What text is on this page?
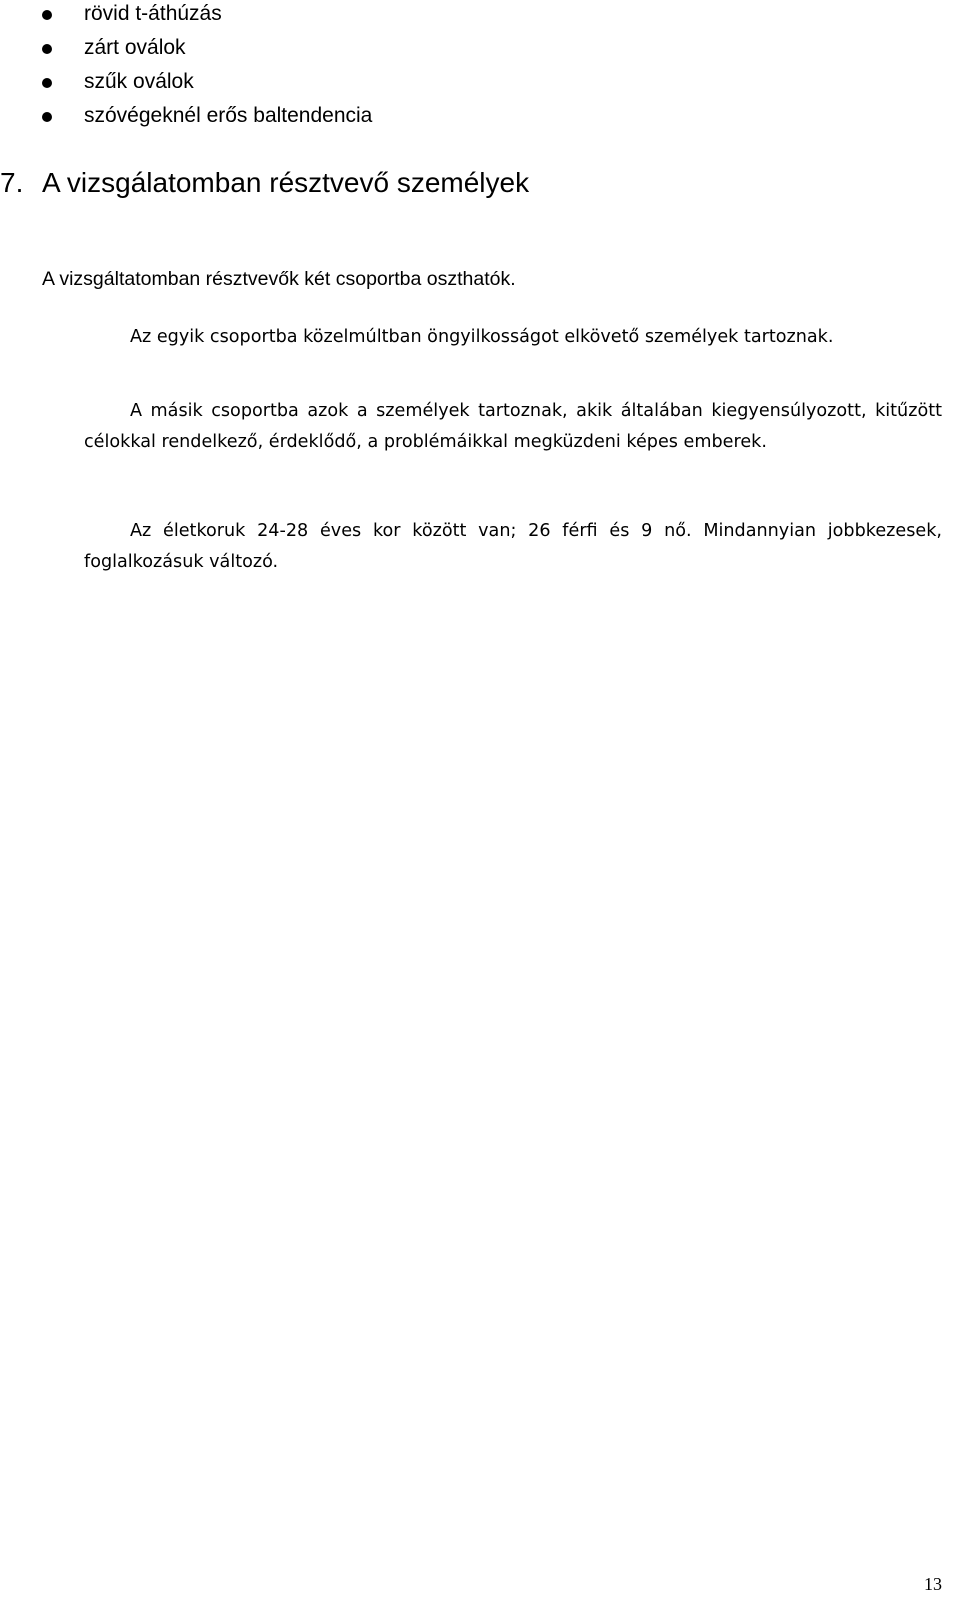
rövid t-áthúzás
zárt oválok
szűk oválok
szóvégeknél erős baltendencia
7. A vizsgálatomban résztvevő személyek

A vizsgáltatomban résztvevők két csoportba oszthatók.

Az egyik csoportba közelmúltban öngyilkosságot elkövető személyek tartoznak.

A másik csoportba azok a személyek tartoznak, akik általában kiegyensúlyozott, kitűzött célokkal rendelkező, érdeklődő, a problémáikkal megküzdeni képes emberek.

Az életkoruk 24-28 éves kor között van; 26 férfi és 9 nő. Mindannyian jobbkezesek, foglalkozásuk változó.

13
